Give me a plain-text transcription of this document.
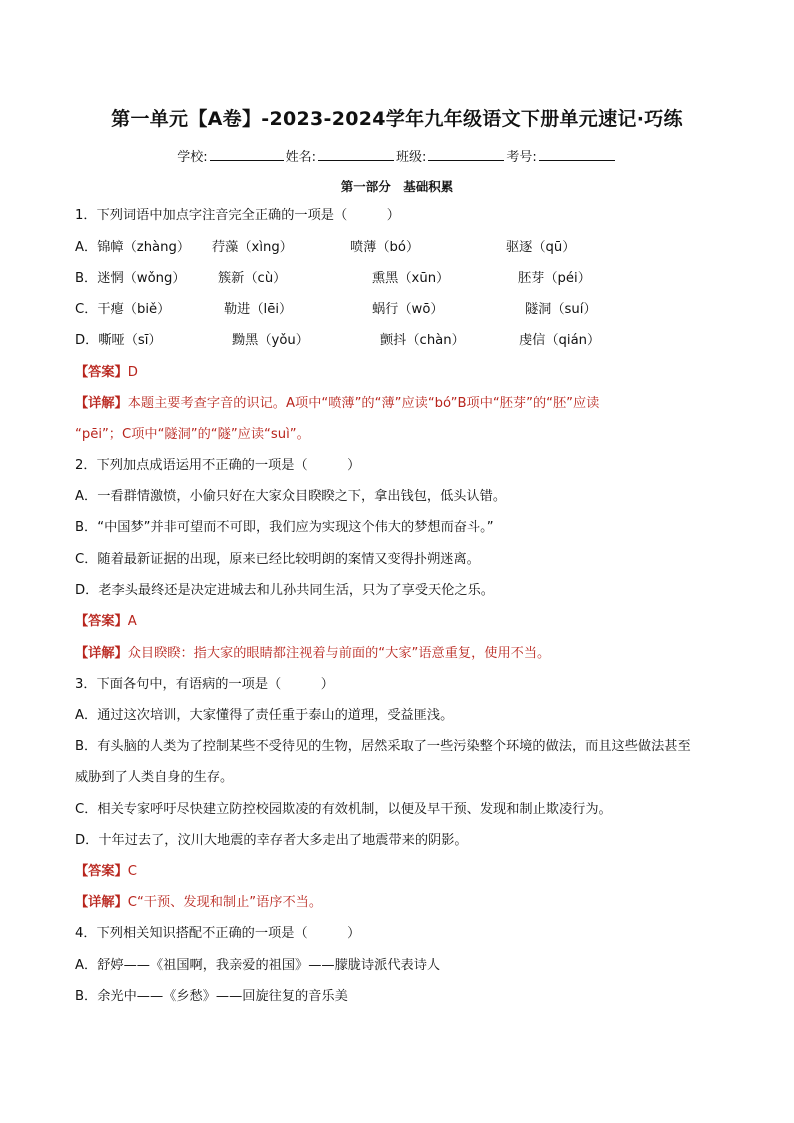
第一单元【A卷】-2023-2024学年九年级语文下册单元速记·巧练
学校:	姓名:	班级:	考号:
第一部分　基础积累
1．下列词语中加点字注音完全正确的一项是（　　　）
A．锦幛（zhàng） 荇藻（xìng）	喷薄（bó）	驱逐（qū）
B．迷惘（wǒng） 簇新（cù）	熏黑（xūn）	胚芽（péi）
C．干瘪（biě）	勒进（lēi）	蜗行（wō）	隧洞（suí）
D．嘶哑（sī）	黝黑（yǒu）	颤抖（chàn）	虔信（qián）
【答案】D
【详解】本题主要考查字音的识记。A项中“喷薄”的“薄”应读“bó”B项中“胚芽”的“胚”应读
“pēi”；C项中“隧洞”的“隧”应读“suì”。
2．下列加点成语运用不正确的一项是（　　　）
A．一看群情激愤，小偷只好在大家众目睽睽之下，拿出钱包，低头认错。
B．“中国梦”并非可望而不可即，我们应为实现这个伟大的梦想而奋斗。”
C．随着最新证据的出现，原来已经比较明朗的案情又变得扑朔迷离。
D．老李头最终还是决定进城去和儿孙共同生活，只为了享受天伦之乐。
【答案】A
【详解】众目睽睽：指大家的眼睛都注视着与前面的“大家”语意重复，使用不当。
3．下面各句中，有语病的一项是（　　　）
A．通过这次培训，大家懂得了责任重于泰山的道理，受益匪浅。
B．有头脑的人类为了控制某些不受待见的生物，居然采取了一些污染整个环境的做法，而且这些做法甚至
威胁到了人类自身的生存。
C．相关专家呼吁尽快建立防控校园欺凌的有效机制，以便及早干预、发现和制止欺凌行为。
D．十年过去了，汶川大地震的幸存者大多走出了地震带来的阴影。
【答案】C
【详解】C“干预、发现和制止”语序不当。
4．下列相关知识搭配不正确的一项是（　　　）
A．舒婷——《祖国啊，我亲爱的祖国》——朦胧诗派代表诗人
B．余光中——《乡愁》——回旋往复的音乐美
